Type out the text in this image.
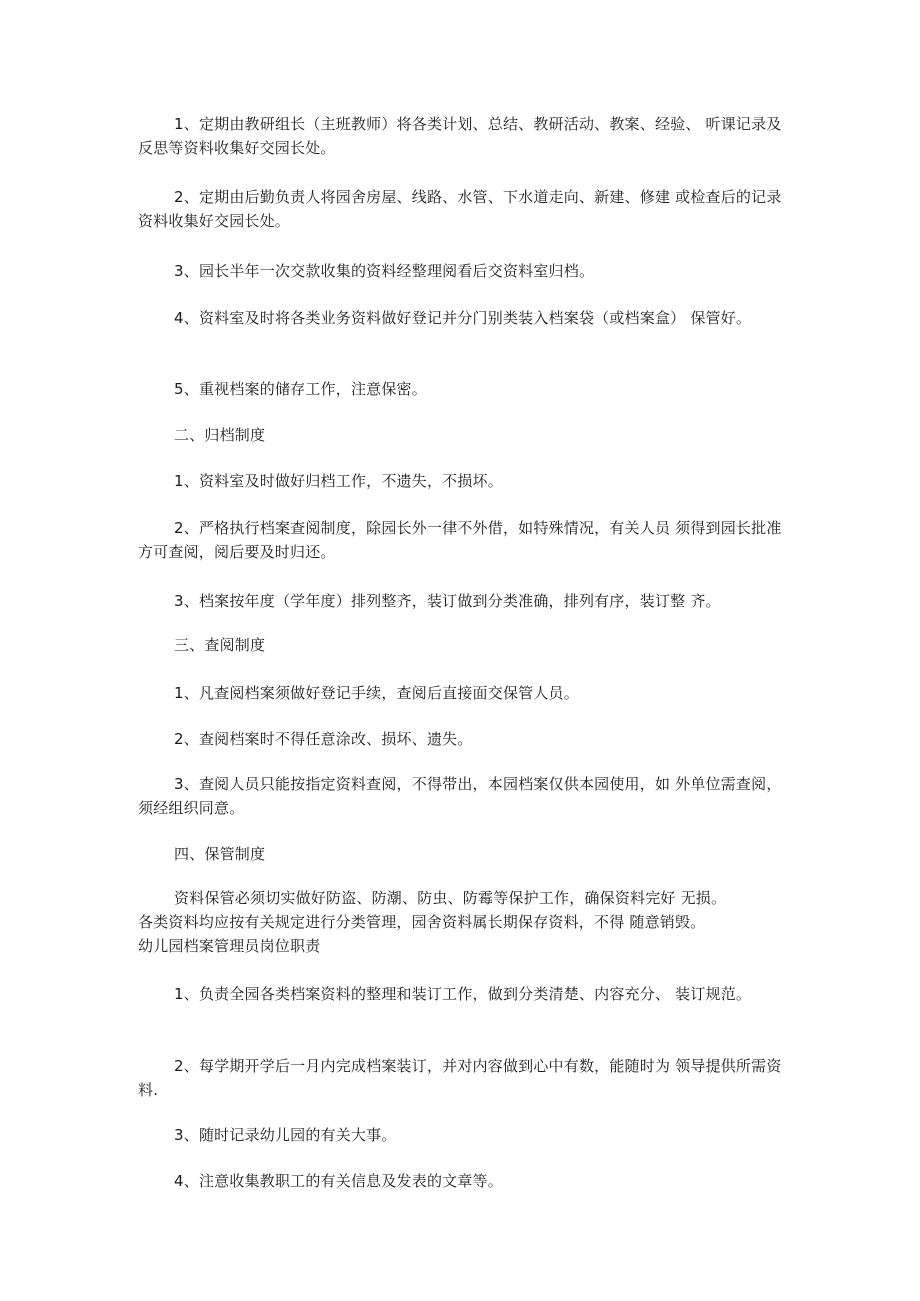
1、定期由教研组长（主班教师）将各类计划、总结、教研活动、教案、经验、 听课记录及反思等资料收集好交园长处。

2、定期由后勤负责人将园舍房屋、线路、水管、下水道走向、新建、修建 或检查后的记录资料收集好交园长处。

3、园长半年一次交款收集的资料经整理阅看后交资料室归档。

4、资料室及时将各类业务资料做好登记并分门别类装入档案袋（或档案盒） 保管好。

5、重视档案的储存工作，注意保密。

二、归档制度

1、资料室及时做好归档工作，不遗失，不损坏。

2、严格执行档案查阅制度，除园长外一律不外借，如特殊情况，有关人员 须得到园长批准方可查阅，阅后要及时归还。

3、档案按年度（学年度）排列整齐，装订做到分类准确，排列有序，装订整 齐。

三、查阅制度

1、凡查阅档案须做好登记手续，查阅后直接面交保管人员。

2、查阅档案时不得任意涂改、损坏、遗失。

3、查阅人员只能按指定资料查阅，不得带出，本园档案仅供本园使用，如 外单位需查阅，须经组织同意。

四、保管制度

资料保管必须切实做好防盗、防潮、防虫、防霉等保护工作，确保资料完好 无损。

各类资料均应按有关规定进行分类管理，园舍资料属长期保存资料，不得 随意销毁。

幼儿园档案管理员岗位职责

1、负责全园各类档案资料的整理和装订工作，做到分类清楚、内容充分、 装订规范。

2、每学期开学后一月内完成档案装订，并对内容做到心中有数，能随时为 领导提供所需资料.

3、随时记录幼儿园的有关大事。

4、注意收集教职工的有关信息及发表的文章等。
